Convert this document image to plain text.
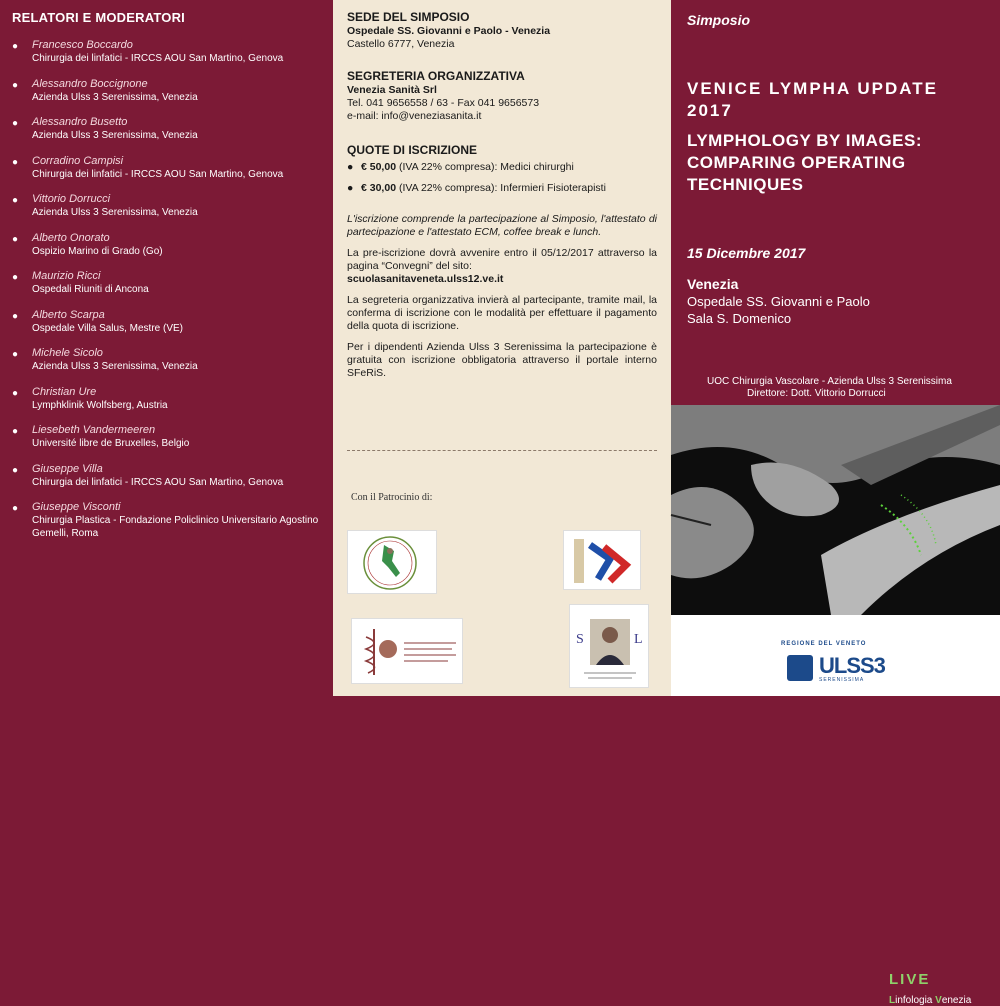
RELATORI E MODERATORI
● Francesco Boccardo
Chirurgia dei linfatici - IRCCS AOU San Martino, Genova
● Alessandro Boccignone
Azienda Ulss 3 Serenissima, Venezia
● Alessandro Busetto
Azienda Ulss 3 Serenissima, Venezia
● Corradino Campisi
Chirurgia dei linfatici - IRCCS AOU San Martino, Genova
● Vittorio Dorrucci
Azienda Ulss 3 Serenissima, Venezia
● Alberto Onorato
Ospizio Marino di Grado (Go)
● Maurizio Ricci
Ospedali Riuniti di Ancona
● Alberto Scarpa
Ospedale Villa Salus, Mestre (VE)
● Michele Sicolo
Azienda Ulss 3 Serenissima, Venezia
● Christian Ure
Lymphklinik Wolfsberg, Austria
● Liesebeth Vandermeeren
Université libre de Bruxelles, Belgio
● Giuseppe Villa
Chirurgia dei linfatici - IRCCS AOU San Martino, Genova
● Giuseppe Visconti
Chirurgia Plastica - Fondazione Policlinico Universitario Agostino Gemelli, Roma
SEDE DEL SIMPOSIO
Ospedale SS. Giovanni e Paolo - Venezia
Castello 6777, Venezia
SEGRETERIA ORGANIZZATIVA
Venezia Sanità Srl
Tel. 041 9656558 / 63 - Fax 041 9656573
e-mail: info@veneziasanita.it
QUOTE DI ISCRIZIONE
● € 50,00 (IVA 22% compresa): Medici chirurghi
● € 30,00 (IVA 22% compresa): Infermieri Fisioterapisti
L'iscrizione comprende la partecipazione al Simposio, l'attestato di partecipazione e l'attestato ECM, coffee break e lunch.
La pre-iscrizione dovrà avvenire entro il 05/12/2017 attraverso la pagina “Convegni” del sito:
scuolasanitaveneta.ulss12.ve.it
La segreteria organizzativa invierà al partecipante, tramite mail, la conferma di iscrizione con le modalità per effettuare il pagamento della quota di iscrizione.
Per i dipendenti Azienda Ulss 3 Serenissima la partecipazione è gratuita con iscrizione obbligatoria attraverso il portale interno SFeRiS.
Con il Patrocinio di:
S	L
Simposio
VENICE LYMPHA UPDATE 2017
LYMPHOLOGY BY IMAGES: COMPARING OPERATING TECHNIQUES
15 Dicembre 2017
Venezia
Ospedale SS. Giovanni e Paolo
Sala S. Domenico
UOC Chirurgia Vascolare - Azienda Ulss 3 Serenissima
Direttore: Dott. Vittorio Dorrucci
LIVE
Linfologia Venezia
REGIONE DEL VENETO
ULSS3
SERENISSIMA
